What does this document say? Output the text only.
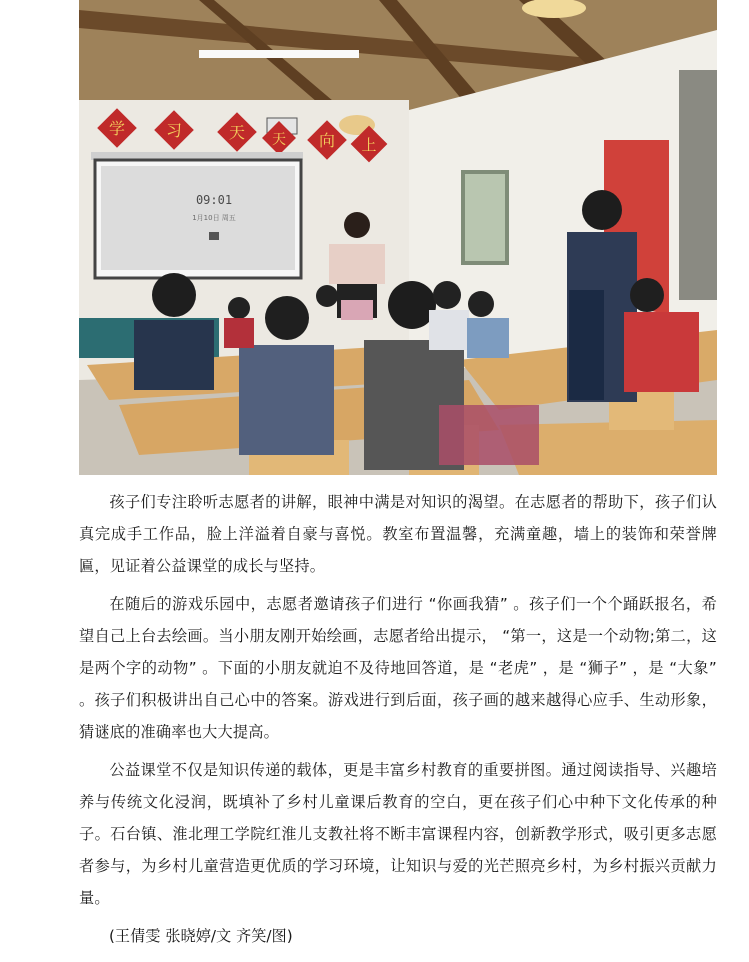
学	习	天 天 向 上
09:01
1月10日 周五

孩子们专注聆听志愿者的讲解，眼神中满是对知识的渴望。在志愿者的帮助下，孩子们认真完成手工作品，脸上洋溢着自豪与喜悦。教室布置温馨，充满童趣，墙上的装饰和荣誉牌匾，见证着公益课堂的成长与坚持。

在随后的游戏乐园中，志愿者邀请孩子们进行 “你画我猜” 。孩子们一个个踊跃报名，希望自己上台去绘画。当小朋友刚开始绘画，志愿者给出提示， “第一，这是一个动物;第二，这是两个字的动物” 。下面的小朋友就迫不及待地回答道，是 “老虎” ，是 “狮子” ，是 “大象” 。孩子们积极讲出自己心中的答案。游戏进行到后面，孩子画的越来越得心应手、生动形象，猜谜底的准确率也大大提高。

公益课堂不仅是知识传递的载体，更是丰富乡村教育的重要拼图。通过阅读指导、兴趣培养与传统文化浸润，既填补了乡村儿童课后教育的空白，更在孩子们心中种下文化传承的种子。石台镇、淮北理工学院红淮儿支教社将不断丰富课程内容，创新教学形式，吸引更多志愿者参与，为乡村儿童营造更优质的学习环境，让知识与爱的光芒照亮乡村，为乡村振兴贡献力量。

(王倩雯 张晓婷/文 齐笑/图)
